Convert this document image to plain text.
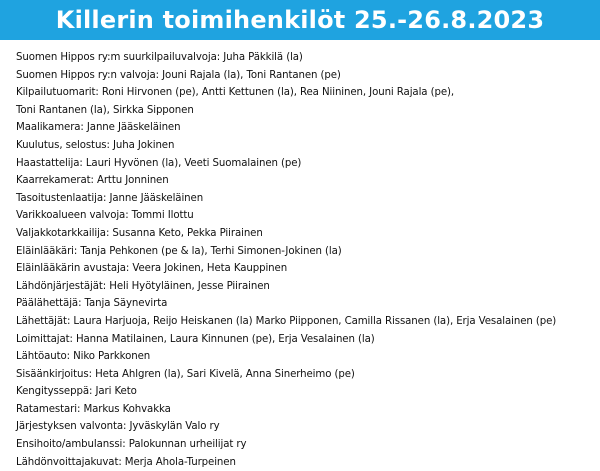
Killerin toimihenkilöt 25.-26.8.2023
Suomen Hippos ry:m suurkilpailuvalvoja: Juha Päkkilä (la)
Suomen Hippos ry:n valvoja: Jouni Rajala (la), Toni Rantanen (pe)
Kilpailutuomarit: Roni Hirvonen (pe), Antti Kettunen (la), Rea Niininen, Jouni Rajala (pe),
Toni Rantanen (la), Sirkka Sipponen
Maalikamera: Janne Jääskeläinen
Kuulutus, selostus: Juha Jokinen
Haastattelija: Lauri Hyvönen (la), Veeti Suomalainen (pe)
Kaarrekamerat: Arttu Jonninen
Tasoitustenlaatija: Janne Jääskeläinen
Varikkoalueen valvoja: Tommi Ilottu
Valjakkotarkkailija: Susanna Keto, Pekka Piirainen
Eläinlääkäri: Tanja Pehkonen (pe & la), Terhi Simonen-Jokinen (la)
Eläinlääkärin avustaja: Veera Jokinen, Heta Kauppinen
Lähdönjärjestäjät: Heli Hyötyläinen, Jesse Piirainen
Päälähettäjä: Tanja Säynevirta
Lähettäjät: Laura Harjuoja, Reijo Heiskanen (la) Marko Piipponen, Camilla Rissanen (la), Erja Vesalainen (pe)
Loimittajat: Hanna Matilainen, Laura Kinnunen (pe), Erja Vesalainen (la)
Lähtöauto: Niko Parkkonen
Sisäänkirjoitus: Heta Ahlgren (la), Sari Kivelä, Anna Sinerheimo (pe)
Kengitysseppä: Jari Keto
Ratamestari: Markus Kohvakka
Järjestyksen valvonta: Jyväskylän Valo ry
Ensihoito/ambulanssi: Palokunnan urheilijat ry
Lähdönvoittajakuvat: Merja Ahola-Turpeinen
